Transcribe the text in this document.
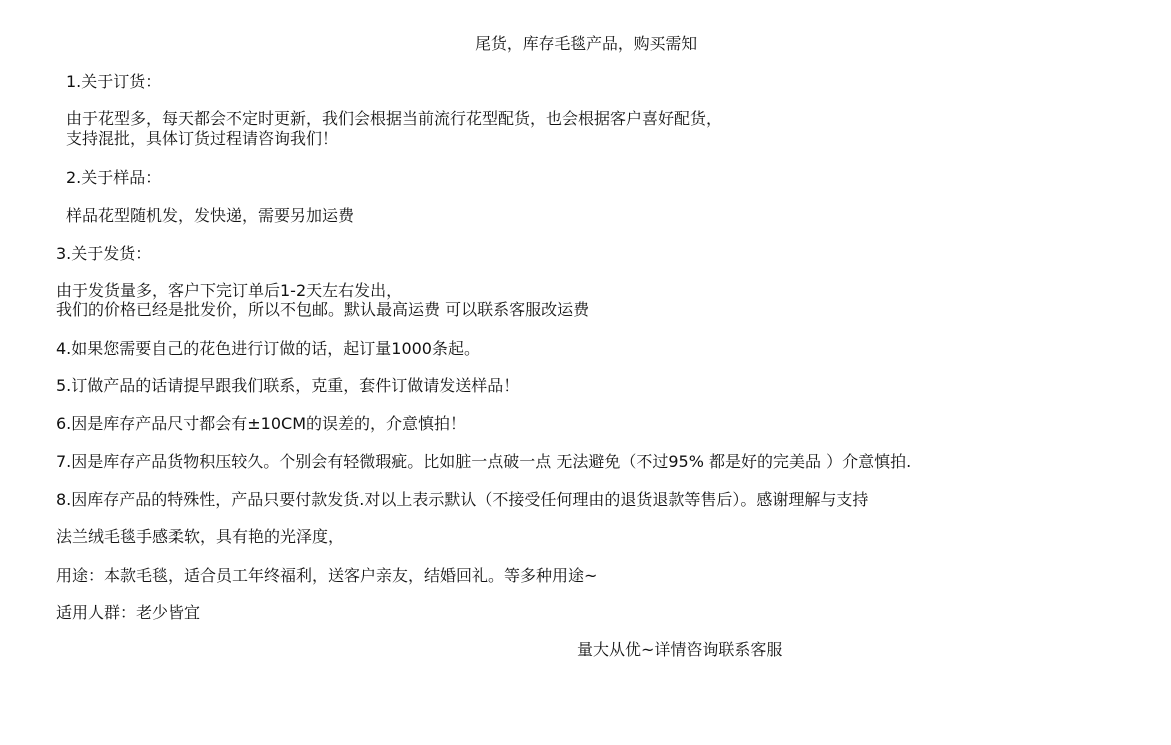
尾货，库存毛毯产品，购买需知

1.关于订货：

由于花型多，每天都会不定时更新，我们会根据当前流行花型配货，也会根据客户喜好配货，

支持混批，具体订货过程请咨询我们！

2.关于样品：

样品花型随机发，发快递，需要另加运费

3.关于发货：

由于发货量多，客户下完订单后1-2天左右发出，

我们的价格已经是批发价，所以不包邮。默认最高运费 可以联系客服改运费

4.如果您需要自己的花色进行订做的话，起订量1000条起。

5.订做产品的话请提早跟我们联系，克重，套件订做请发送样品！

6.因是库存产品尺寸都会有±10CM的误差的，介意慎拍！

7.因是库存产品货物积压较久。个别会有轻微瑕疵。比如脏一点破一点 无法避免（不过95% 都是好的完美品 ）介意慎拍.

8.因库存产品的特殊性，产品只要付款发货.对以上表示默认（不接受任何理由的退货退款等售后）。感谢理解与支持

法兰绒毛毯手感柔软，具有艳的光泽度，

用途：本款毛毯，适合员工年终福利，送客户亲友，结婚回礼。等多种用途~

适用人群：老少皆宜

量大从优~详情咨询联系客服
